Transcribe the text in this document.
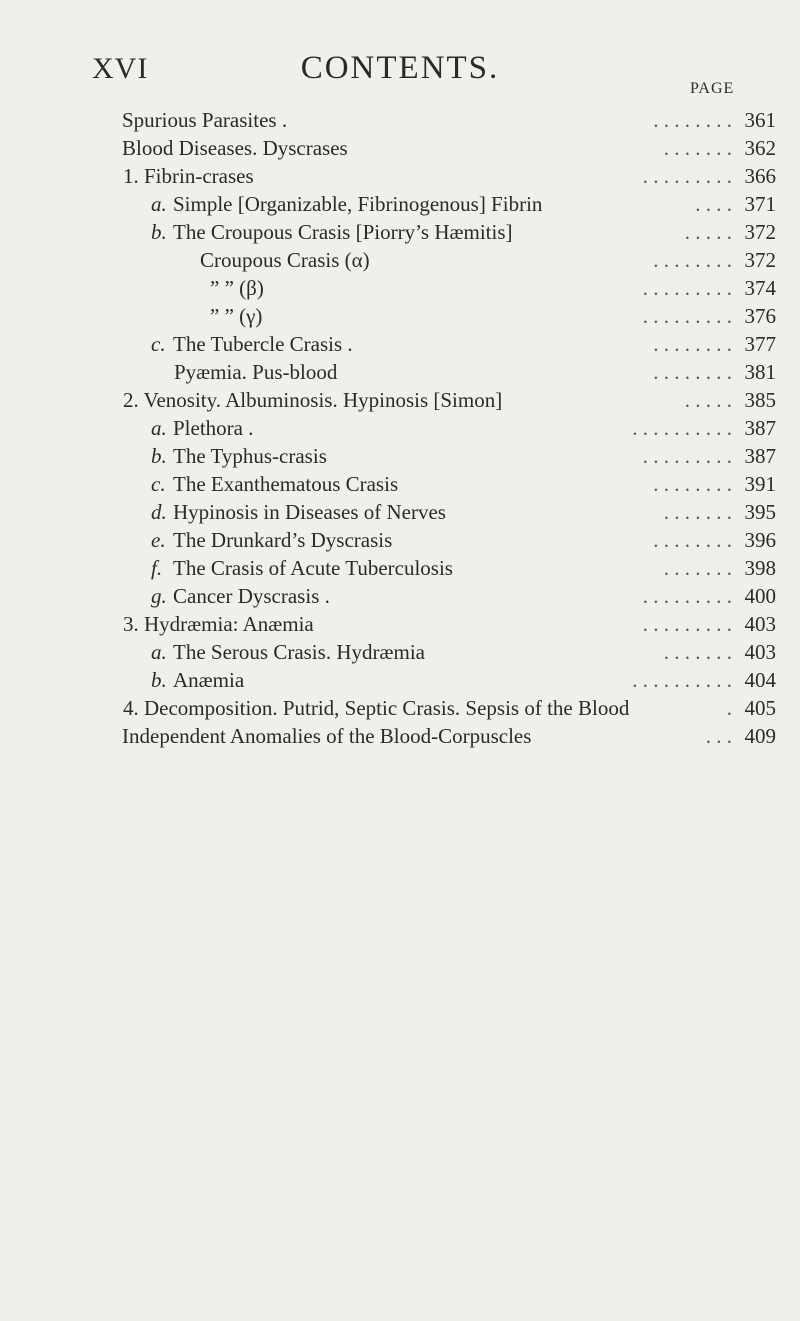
XVI	CONTENTS.
PAGE
Spurious Parasites .	. . . . . . . . 361
Blood Diseases. Dyscrases	. . . . . . . 362
1. Fibrin-crases	. . . . . . . . . 366
a. Simple [Organizable, Fibrinogenous] Fibrin	. . . . 371
b. The Croupous Crasis [Piorry’s Hæmitis]	. . . . . 372
Croupous Crasis (α)	. . . . . . . . 372
” ” (β)	. . . . . . . . . 374
” ” (γ)	. . . . . . . . . 376
c. The Tubercle Crasis .	. . . . . . . . 377
Pyæmia. Pus-blood	. . . . . . . . 381
2. Venosity. Albuminosis. Hypinosis [Simon]	. . . . . 385
a. Plethora .	. . . . . . . . . . 387
b. The Typhus-crasis	. . . . . . . . . 387
c. The Exanthematous Crasis	. . . . . . . . 391
d. Hypinosis in Diseases of Nerves	. . . . . . . 395
e. The Drunkard’s Dyscrasis	. . . . . . . . 396
f. The Crasis of Acute Tuberculosis	. . . . . . . 398
g. Cancer Dyscrasis .	. . . . . . . . . 400
3. Hydræmia: Anæmia	. . . . . . . . . 403
a. The Serous Crasis. Hydræmia	. . . . . . . 403
b. Anæmia	. . . . . . . . . . 404
4. Decomposition. Putrid, Septic Crasis. Sepsis of the Blood	. 405
Independent Anomalies of the Blood-Corpuscles	. . . 409
